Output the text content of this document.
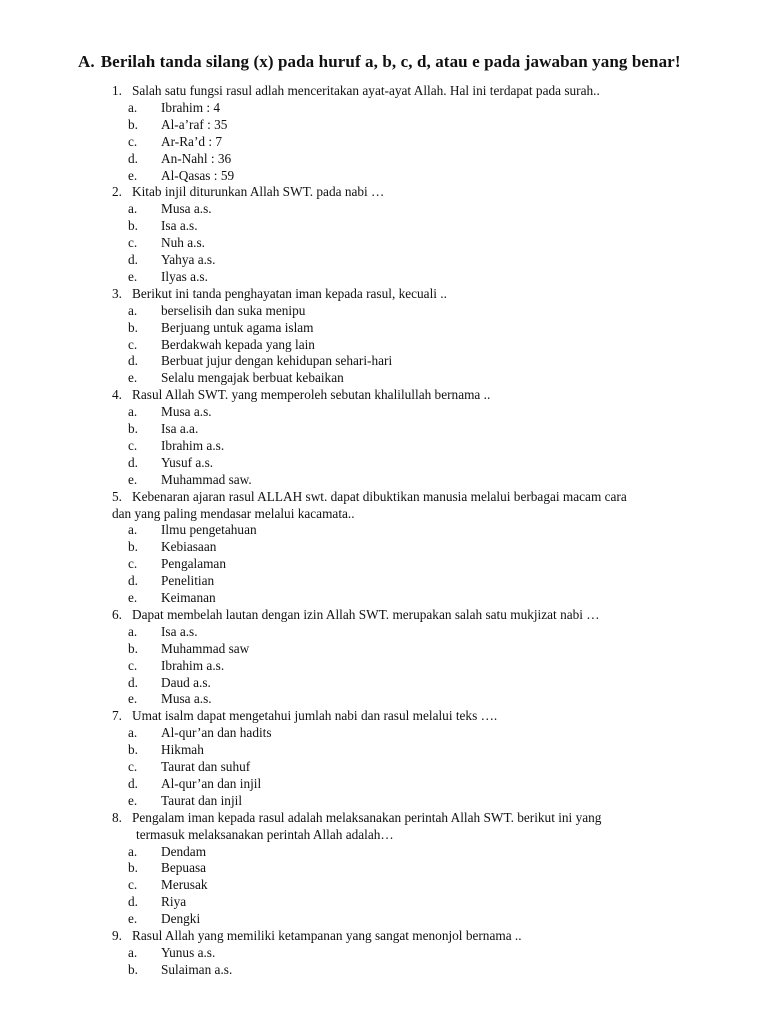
A. Berilah tanda silang (x) pada huruf a, b, c, d, atau e pada jawaban yang benar!
1. Salah satu fungsi rasul adlah menceritakan ayat-ayat Allah. Hal ini terdapat pada surah..
a. Ibrahim : 4
b. Al-a’raf : 35
c. Ar-Ra’d : 7
d. An-Nahl : 36
e. Al-Qasas : 59
2. Kitab injil diturunkan Allah SWT. pada nabi …
a. Musa a.s.
b. Isa a.s.
c. Nuh a.s.
d. Yahya a.s.
e. Ilyas a.s.
3. Berikut ini tanda penghayatan iman kepada rasul, kecuali ..
a. berselisih dan suka menipu
b. Berjuang untuk agama islam
c. Berdakwah kepada yang lain
d. Berbuat jujur dengan kehidupan sehari-hari
e. Selalu mengajak berbuat kebaikan
4. Rasul Allah SWT. yang memperoleh sebutan khalilullah bernama ..
a. Musa a.s.
b. Isa a.a.
c. Ibrahim a.s.
d. Yusuf a.s.
e. Muhammad saw.
5. Kebenaran ajaran rasul ALLAH swt. dapat dibuktikan manusia melalui berbagai macam cara
dan yang paling mendasar melalui kacamata..
a. Ilmu pengetahuan
b. Kebiasaan
c. Pengalaman
d. Penelitian
e. Keimanan
6. Dapat membelah lautan dengan izin Allah SWT. merupakan salah satu mukjizat nabi …
a. Isa a.s.
b. Muhammad saw
c. Ibrahim a.s.
d. Daud a.s.
e. Musa a.s.
7. Umat isalm dapat mengetahui jumlah nabi dan rasul melalui teks ….
a. Al-qur’an dan hadits
b. Hikmah
c. Taurat dan suhuf
d. Al-qur’an dan injil
e. Taurat dan injil
8. Pengalam iman kepada rasul adalah melaksanakan perintah Allah SWT. berikut ini yang
termasuk melaksanakan perintah Allah adalah…
a. Dendam
b. Bepuasa
c. Merusak
d. Riya
e. Dengki
9. Rasul Allah yang memiliki ketampanan yang sangat menonjol bernama ..
a. Yunus a.s.
b. Sulaiman a.s.
